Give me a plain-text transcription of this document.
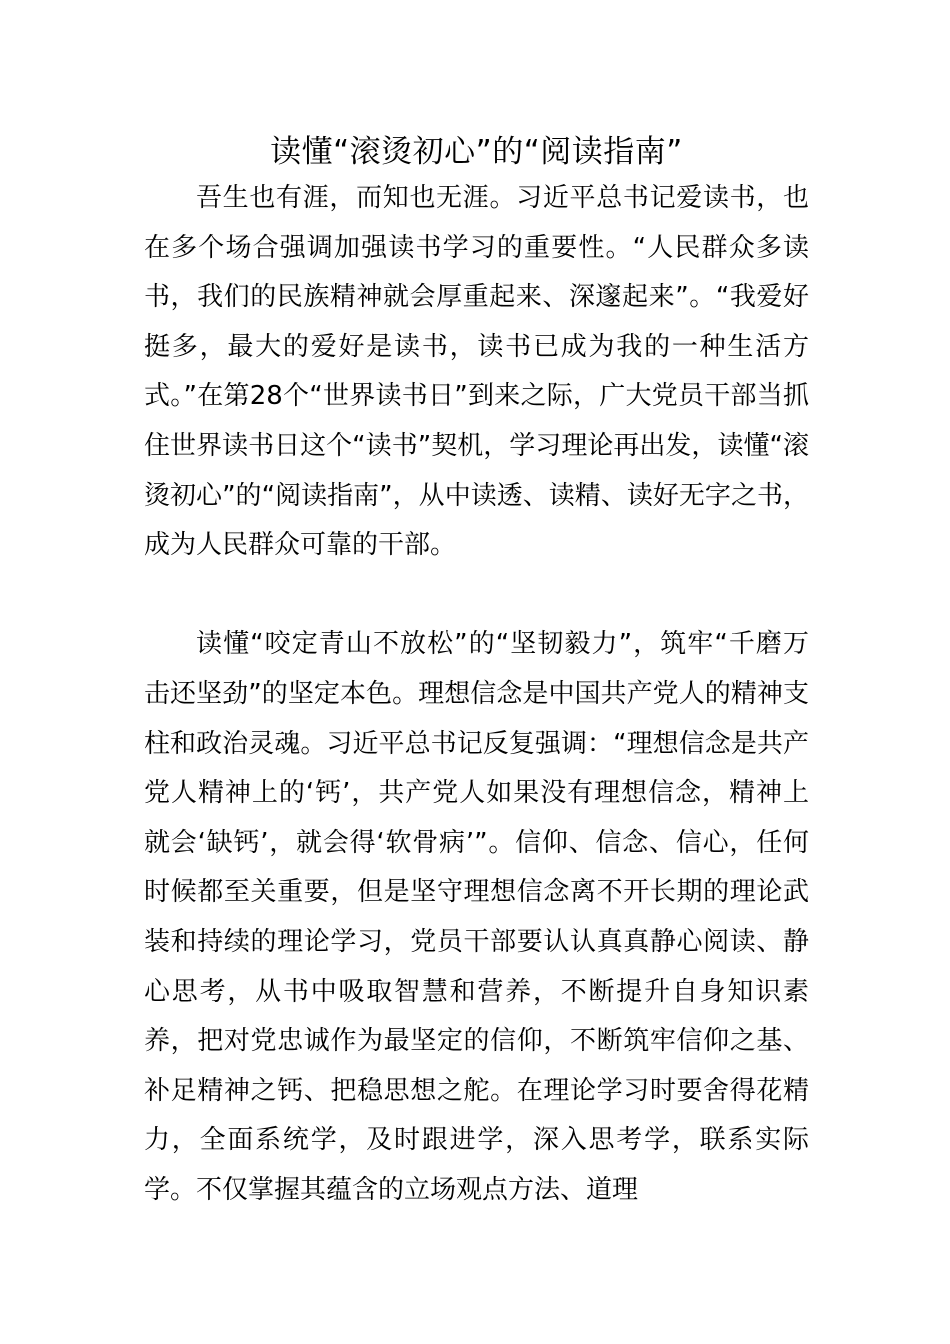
读懂“滚烫初心”的“阅读指南”

吾生也有涯，而知也无涯。习近平总书记爱读书，也在多个场合强调加强读书学习的重要性。“人民群众多读书，我们的民族精神就会厚重起来、深邃起来”。“我爱好挺多，最大的爱好是读书，读书已成为我的一种生活方式。”在第28个“世界读书日”到来之际，广大党员干部当抓住世界读书日这个“读书”契机，学习理论再出发，读懂“滚烫初心”的“阅读指南”，从中读透、读精、读好无字之书，成为人民群众可靠的干部。

读懂“咬定青山不放松”的“坚韧毅力”，筑牢“千磨万击还坚劲”的坚定本色。理想信念是中国共产党人的精神支柱和政治灵魂。习近平总书记反复强调：“理想信念是共产党人精神上的‘钙’，共产党人如果没有理想信念，精神上就会‘缺钙’，就会得‘软骨病’”。信仰、信念、信心，任何时候都至关重要，但是坚守理想信念离不开长期的理论武装和持续的理论学习，党员干部要认认真真静心阅读、静心思考，从书中吸取智慧和营养，不断提升自身知识素养，把对党忠诚作为最坚定的信仰，不断筑牢信仰之基、补足精神之钙、把稳思想之舵。在理论学习时要舍得花精力，全面系统学，及时跟进学，深入思考学，联系实际学。不仅掌握其蕴含的立场观点方法、道理
